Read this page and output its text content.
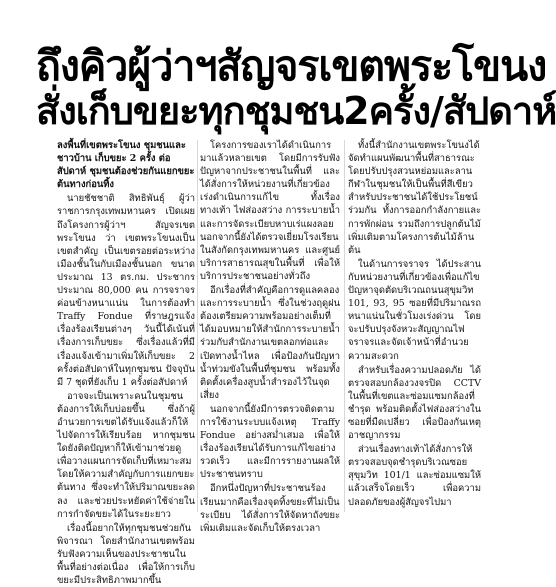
ถึงคิวผู้ว่าฯสัญจรเขตพระโขนง
สั่งเก็บขยะทุกชุมชน2ครั้ง/สัปดาห์
ลงพื้นที่เขตพระโขนง ชุมชนและชาวบ้าน เก็บขยะ 2 ครั้ง ต่อสัปดาห์ ชุมชนต้องช่วยกันแยกขยะต้นทางก่อนทิ้ง

นายชัชชาติ สิทธิพันธุ์ ผู้ว่าราชการกรุงเทพมหานคร เปิดเผยถึงโครงการผู้ว่าฯ สัญจรเขตพระโขนง ว่า เขตพระโขนงเป็นเขตสำคัญ เป็นเขตรอยต่อระหว่างเมืองชั้นในกับเมืองชั้นนอก ขนาดประมาณ 13 ตร.กม. ประชากรประมาณ 80,000 คน การจราจรค่อนข้างหนาแน่น ในการต้องทำ Traffy Fondue ที่ราษฎรแจ้งเรื่องร้องเรียนต่างๆ วันนี้ได้เน้นที่เรื่องการเก็บขยะ ซึ่งเรื่องแล้วที่มีเรื่องแจ้งเข้ามาเพิ่มให้เก็บขยะ 2 ครั้งต่อสัปดาห์ในทุกชุมชน ปัจจุบันมี 7 ชุดที่ยังเก็บ 1 ครั้งต่อสัปดาห์

อาจจะเป็นเพราะคนในชุมชนต้องการให้เก็บบ่อยขึ้น ซึ่งถ้าผู้อำนวยการเขตได้รับแจ้งแล้วก็ให้ไปจัดการให้เรียบร้อย หากชุมชนใดยังติดปัญหาก็ให้เข้ามาช่วยดูเพื่อวางแผนการจัดเก็บที่เหมาะสม โดยให้ความสำคัญกับการแยกขยะต้นทาง ซึ่งจะทำให้ปริมาณขยะลดลง และช่วยประหยัดค่าใช้จ่ายในการกำจัดขยะได้ในระยะยาว

เรื่องนี้อยากให้ทุกชุมชนช่วยกันพิจารณา โดยสำนักงานเขตพร้อมรับฟังความเห็นของประชาชนในพื้นที่อย่างต่อเนื่อง เพื่อให้การเก็บขยะมีประสิทธิภาพมากขึ้น

โครงการของเราได้ดำเนินการมาแล้วหลายเขต โดยมีการรับฟังปัญหาจากประชาชนในพื้นที่ และได้สั่งการให้หน่วยงานที่เกี่ยวข้องเร่งดำเนินการแก้ไข ทั้งเรื่องทางเท้า ไฟส่องสว่าง การระบายน้ำ และการจัดระเบียบหาบเร่แผงลอย นอกจากนี้ยังได้ตรวจเยี่ยมโรงเรียนในสังกัดกรุงเทพมหานคร และศูนย์บริการสาธารณสุขในพื้นที่ เพื่อให้บริการประชาชนอย่างทั่วถึง

อีกเรื่องที่สำคัญคือการดูแลคลองและการระบายน้ำ ซึ่งในช่วงฤดูฝนต้องเตรียมความพร้อมอย่างเต็มที่ ได้มอบหมายให้สำนักการระบายน้ำร่วมกับสำนักงานเขตลอกท่อและเปิดทางน้ำไหล เพื่อป้องกันปัญหาน้ำท่วมขังในพื้นที่ชุมชน พร้อมทั้งติดตั้งเครื่องสูบน้ำสำรองไว้ในจุดเสี่ยง

นอกจากนี้ยังมีการตรวจติดตามการใช้งานระบบแจ้งเหตุ Traffy Fondue อย่างสม่ำเสมอ เพื่อให้เรื่องร้องเรียนได้รับการแก้ไขอย่างรวดเร็ว และมีการรายงานผลให้ประชาชนทราบ

อีกหนึ่งปัญหาที่ประชาชนร้องเรียนมากคือเรื่องจุดทิ้งขยะที่ไม่เป็นระเบียบ ได้สั่งการให้จัดหาถังขยะเพิ่มเติมและจัดเก็บให้ตรงเวลา

ทั้งนี้สำนักงานเขตพระโขนงได้จัดทำแผนพัฒนาพื้นที่สาธารณะ โดยปรับปรุงสวนหย่อมและลานกีฬาในชุมชนให้เป็นพื้นที่สีเขียวสำหรับประชาชนได้ใช้ประโยชน์ร่วมกัน ทั้งการออกกำลังกายและการพักผ่อน รวมถึงการปลูกต้นไม้เพิ่มเติมตามโครงการต้นไม้ล้านต้น

ในด้านการจราจร ได้ประสานกับหน่วยงานที่เกี่ยวข้องเพื่อแก้ไขปัญหาจุดตัดบริเวณถนนสุขุมวิท 101, 93, 95 ซอยที่มีปริมาณรถหนาแน่นในชั่วโมงเร่งด่วน โดยจะปรับปรุงจังหวะสัญญาณไฟจราจรและจัดเจ้าหน้าที่อำนวยความสะดวก

สำหรับเรื่องความปลอดภัย ได้ตรวจสอบกล้องวงจรปิด CCTV ในพื้นที่เขตและซ่อมแซมกล้องที่ชำรุด พร้อมติดตั้งไฟส่องสว่างในซอยที่มืดเปลี่ยว เพื่อป้องกันเหตุอาชญากรรม

ส่วนเรื่องทางเท้าได้สั่งการให้ตรวจสอบจุดชำรุดบริเวณซอยสุขุมวิท 101/1 และซ่อมแซมให้แล้วเสร็จโดยเร็ว เพื่อความปลอดภัยของผู้สัญจรไปมา
